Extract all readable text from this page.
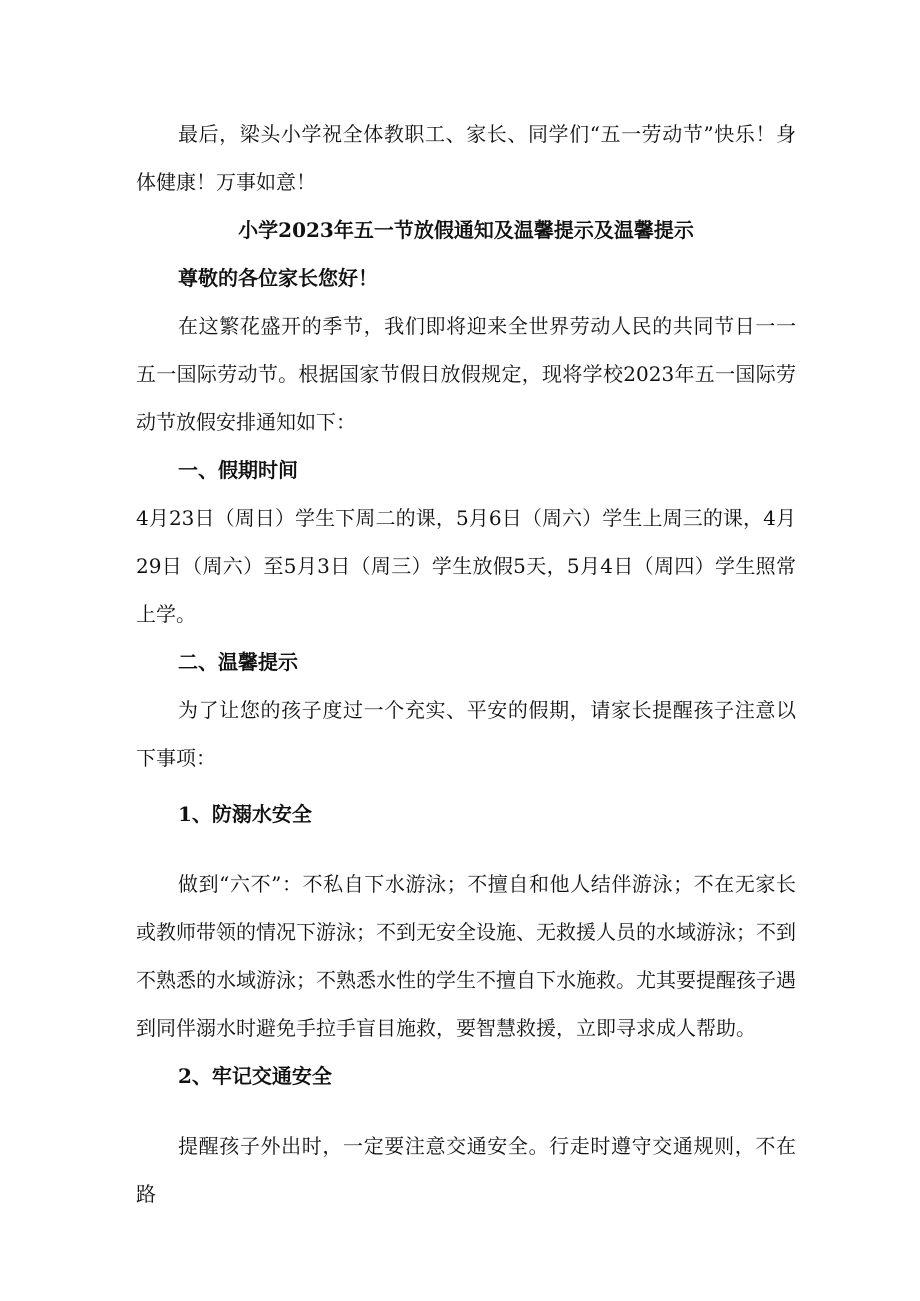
最后，梁头小学祝全体教职工、家长、同学们“五一劳动节”快乐！身体健康！万事如意！

小学2023年五一节放假通知及温馨提示及温馨提示

尊敬的各位家长您好！

在这繁花盛开的季节，我们即将迎来全世界劳动人民的共同节日一一五一国际劳动节。根据国家节假日放假规定，现将学校2023年五一国际劳动节放假安排通知如下：

一、假期时间

4月23日（周日）学生下周二的课，5月6日（周六）学生上周三的课，4月29日（周六）至5月3日（周三）学生放假5天，5月4日（周四）学生照常上学。

二、温馨提示

为了让您的孩子度过一个充实、平安的假期，请家长提醒孩子注意以下事项：

1、防溺水安全

做到“六不”：不私自下水游泳；不擅自和他人结伴游泳；不在无家长或教师带领的情况下游泳；不到无安全设施、无救援人员的水域游泳；不到不熟悉的水域游泳；不熟悉水性的学生不擅自下水施救。尤其要提醒孩子遇到同伴溺水时避免手拉手盲目施救，要智慧救援，立即寻求成人帮助。

2、牢记交通安全

提醒孩子外出时，一定要注意交通安全。行走时遵守交通规则，不在路
